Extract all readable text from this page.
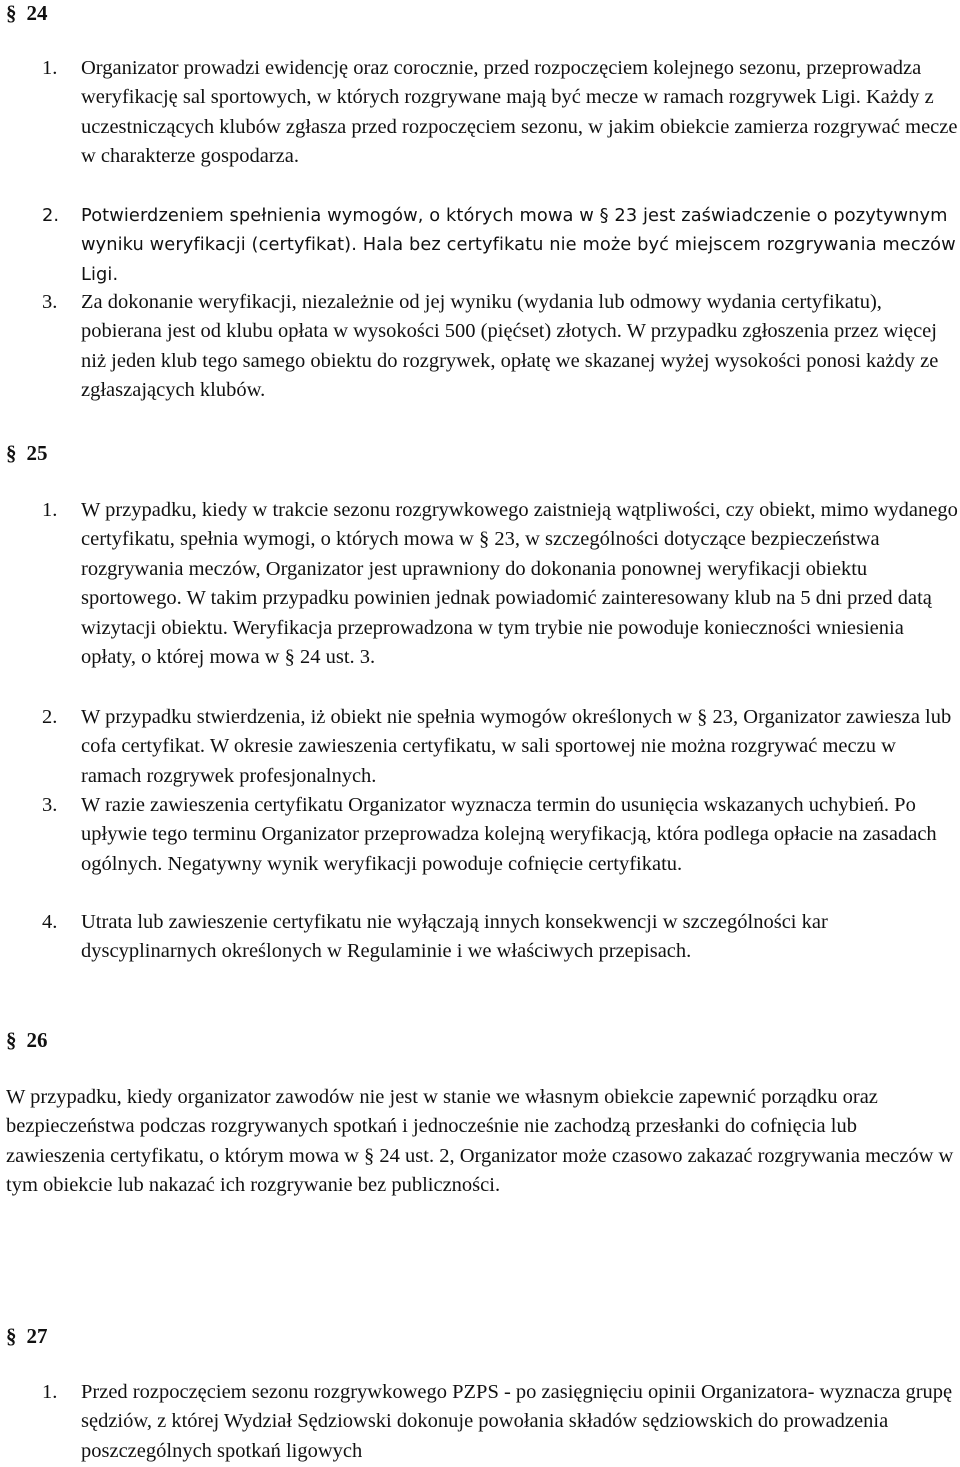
§ 24
1.	Organizator prowadzi ewidencję oraz corocznie, przed rozpoczęciem kolejnego sezonu, przeprowadza weryfikację sal sportowych, w których rozgrywane mają być mecze w ramach rozgrywek Ligi. Każdy z uczestniczących klubów zgłasza przed rozpoczęciem sezonu, w jakim obiekcie zamierza rozgrywać mecze w charakterze gospodarza.
2.	Potwierdzeniem spełnienia wymogów, o których mowa w § 23 jest zaświadczenie o pozytywnym wyniku weryfikacji (certyfikat). Hala bez certyfikatu nie może być miejscem rozgrywania meczów Ligi.
3.	Za dokonanie weryfikacji, niezależnie od jej wyniku (wydania lub odmowy wydania certyfikatu), pobierana jest od klubu opłata w wysokości 500 (pięćset) złotych. W przypadku zgłoszenia przez więcej niż jeden klub tego samego obiektu do rozgrywek, opłatę we skazanej wyżej wysokości ponosi każdy ze zgłaszających klubów.
§ 25
1.	W przypadku, kiedy w trakcie sezonu rozgrywkowego zaistnieją wątpliwości, czy obiekt, mimo wydanego certyfikatu, spełnia wymogi, o których mowa w § 23, w szczególności dotyczące bezpieczeństwa rozgrywania meczów, Organizator jest uprawniony do dokonania ponownej weryfikacji obiektu sportowego. W takim przypadku powinien jednak powiadomić zainteresowany klub na 5 dni przed datą wizytacji obiektu. Weryfikacja przeprowadzona w tym trybie nie powoduje konieczności wniesienia opłaty, o której mowa w § 24 ust. 3.
2.	W przypadku stwierdzenia, iż obiekt nie spełnia wymogów określonych w § 23, Organizator zawiesza lub cofa certyfikat. W okresie zawieszenia certyfikatu, w sali sportowej nie można rozgrywać meczu w ramach rozgrywek profesjonalnych.
3.	W razie zawieszenia certyfikatu Organizator wyznacza termin do usunięcia wskazanych uchybień. Po upływie tego terminu Organizator przeprowadza kolejną weryfikacją, która podlega opłacie na zasadach ogólnych. Negatywny wynik weryfikacji powoduje cofnięcie certyfikatu.
4.	Utrata lub zawieszenie certyfikatu nie wyłączają innych konsekwencji w szczególności kar dyscyplinarnych określonych w Regulaminie i we właściwych przepisach.
§ 26
W przypadku, kiedy organizator zawodów nie jest w stanie we własnym obiekcie zapewnić porządku oraz bezpieczeństwa podczas rozgrywanych spotkań i jednocześnie nie zachodzą przesłanki do cofnięcia lub zawieszenia certyfikatu, o którym mowa w § 24 ust. 2, Organizator może czasowo zakazać rozgrywania meczów w tym obiekcie lub nakazać ich rozgrywanie bez publiczności.
§ 27
1.	Przed rozpoczęciem sezonu rozgrywkowego PZPS - po zasięgnięciu opinii Organizatora- wyznacza grupę sędziów, z której Wydział Sędziowski dokonuje powołania składów sędziowskich do prowadzenia poszczególnych spotkań ligowych
